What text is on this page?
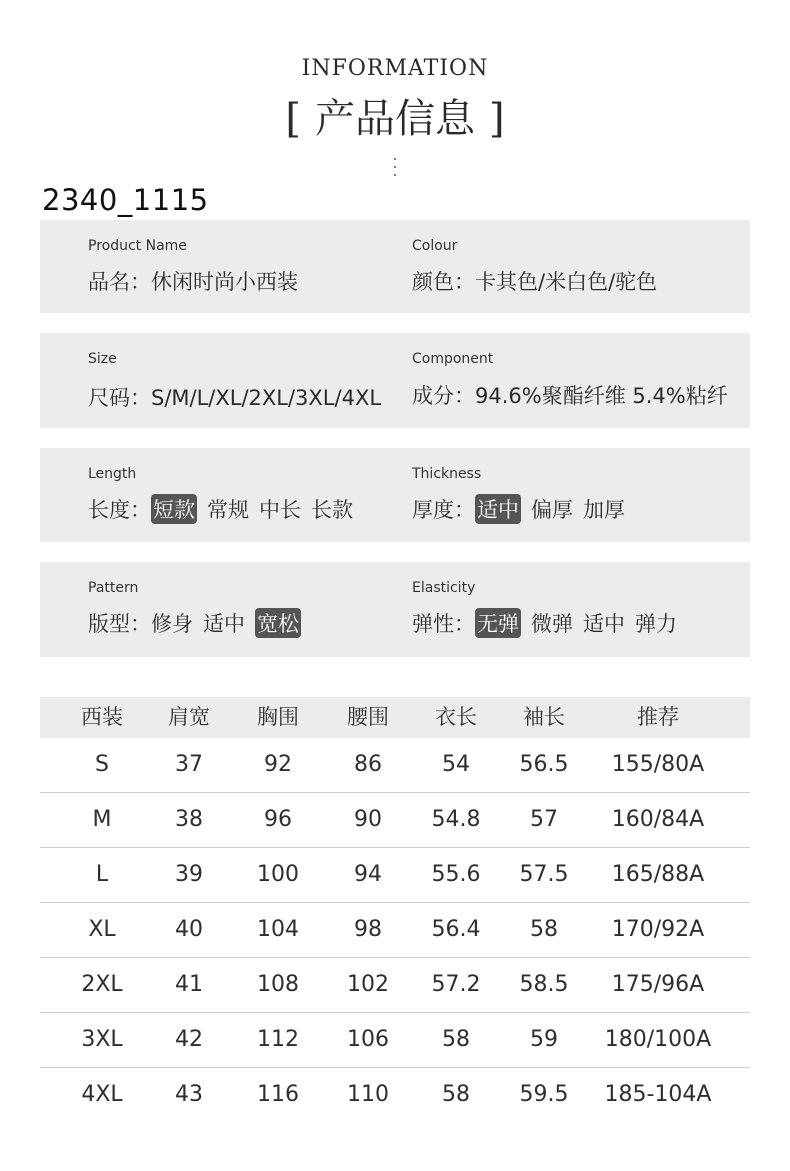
INFORMATION
[ 产品信息 ]
2340_1115
Product Name
品名：休闲时尚小西装
Colour
颜色：卡其色/米白色/驼色
Size
尺码：S/M/L/XL/2XL/3XL/4XL
Component
成分：94.6%聚酯纤维 5.4%粘纤
Length
长度：短款 常规 中长 长款
Thickness
厚度：适中 偏厚 加厚
Pattern
版型：修身 适中 宽松
Elasticity
弹性：无弹 微弹 适中 弹力
西装 肩宽 胸围 腰围 衣长 袖长	推荐
S	37	92	86	54 56.5 155/80A
M	38	96	90 54.8 57 160/84A
L	39 100	94 55.6 57.5 165/88A
XL	40 104	98 56.4 58 170/92A
2XL 41 108 102 57.2 58.5 175/96A
3XL 42 112 106 58	59 180/100A
4XL 43 116 110 58 59.5 185-104A
